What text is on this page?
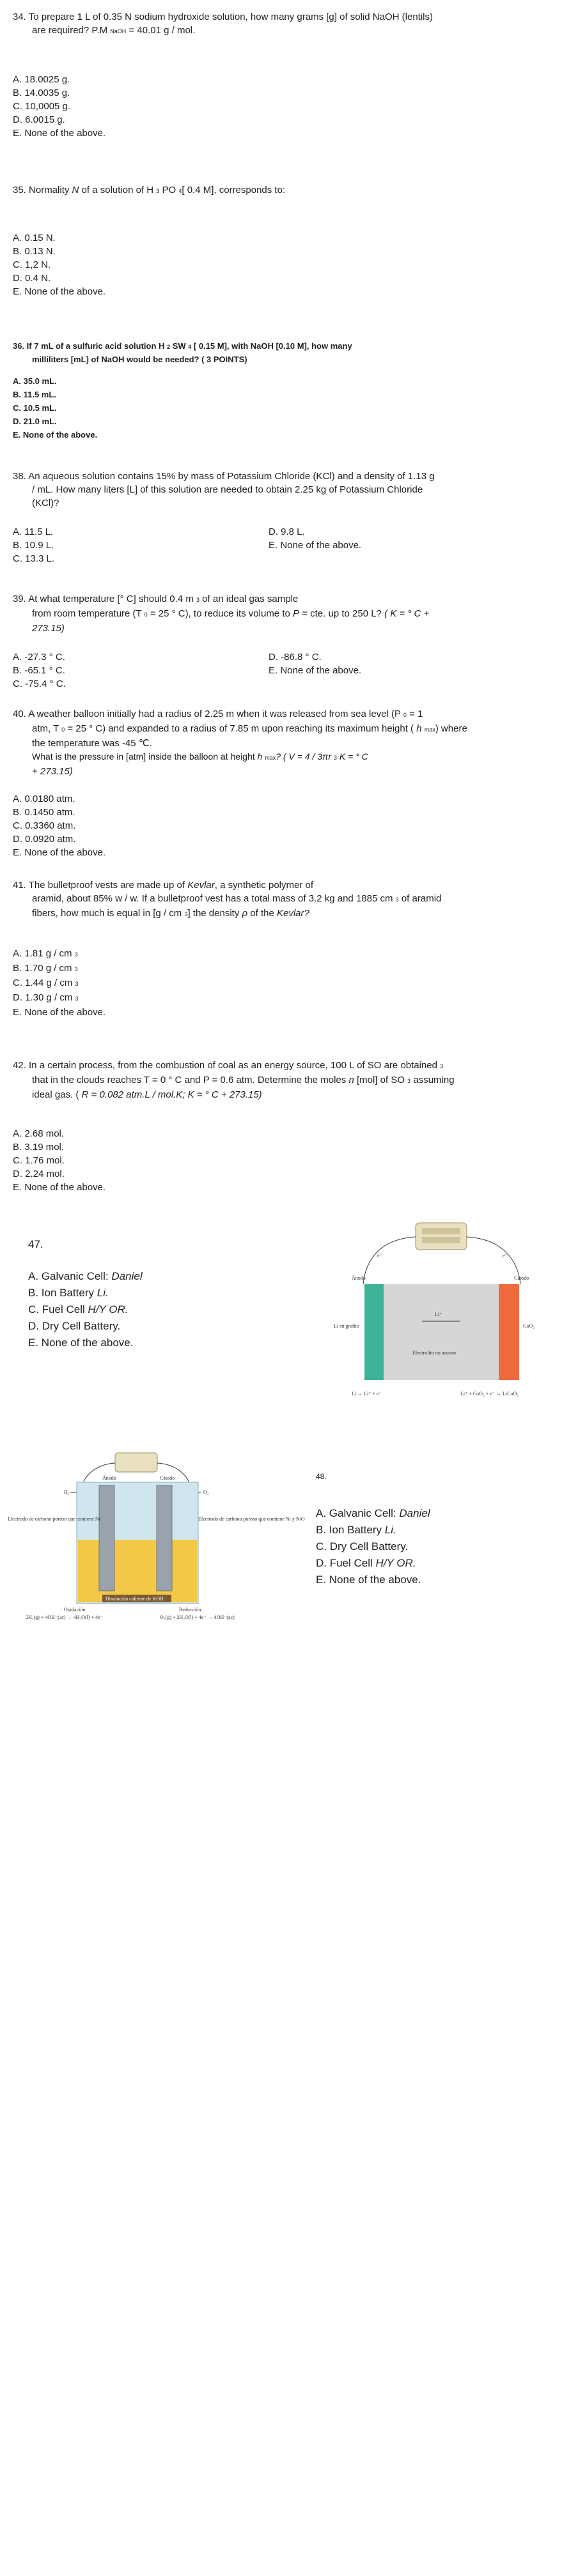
34. To prepare 1 L of 0.35 N sodium hydroxide solution, how many grams [g] of solid NaOH (lentils)
are required? P.M NaOH = 40.01 g / mol.
A. 18.0025 g.
B. 14.0035 g.
C. 10,0005 g.
D. 6.0015 g.
E. None of the above.
35. Normality N of a solution of H 3 PO 4[ 0.4 M], corresponds to:
A. 0.15 N.
B. 0.13 N.
C. 1,2 N.
D. 0.4 N.
E. None of the above.
36. If 7 mL of a sulfuric acid solution H 2 SW 4 [ 0.15 M], with NaOH [0.10 M], how many
milliliters [mL] of NaOH would be needed? ( 3 POINTS)
A. 35.0 mL.
B. 11.5 mL.
C. 10.5 mL.
D. 21.0 mL.
E. None of the above.
38. An aqueous solution contains 15% by mass of Potassium Chloride (KCl) and a density of 1.13 g
/ mL. How many liters [L] of this solution are needed to obtain 2.25 kg of Potassium Chloride
(KCl)?
A. 11.5 L.
B. 10.9 L.
C. 13.3 L.
D. 9.8 L.
E. None of the above.
39. At what temperature [° C] should 0.4 m 3 of an ideal gas sample
from room temperature (T 0 = 25 ° C), to reduce its volume to P = cte. up to 250 L? ( K = ° C +
273.15)
A. -27.3 ° C.
B. -65.1 ° C.
C. -75.4 ° C.
D. -86.8 ° C.
E. None of the above.
40. A weather balloon initially had a radius of 2.25 m when it was released from sea level (P 0 = 1
atm, T 0 = 25 ° C) and expanded to a radius of 7.85 m upon reaching its maximum height ( h max) where
the temperature was -45 ℃.
What is the pressure in [atm] inside the balloon at height h max? ( V = 4 / 3πr 3 K = ° C
+ 273.15)
A. 0.0180 atm.
B. 0.1450 atm.
C. 0.3360 atm.
D. 0.0920 atm.
E. None of the above.
41. The bulletproof vests are made up of Kevlar, a synthetic polymer of
aramid, about 85% w / w. If a bulletproof vest has a total mass of 3.2 kg and 1885 cm 3 of aramid
fibers, how much is equal in [g / cm 3] the density ρ of the Kevlar?
A. 1.81 g / cm 3
B. 1.70 g / cm 3
C. 1.44 g / cm 3
D. 1.30 g / cm 3
E. None of the above.
42. In a certain process, from the combustion of coal as an energy source, 100 L of SO are obtained 3
that in the clouds reaches T = 0 ° C and P = 0.6 atm. Determine the moles n [mol] of SO 3 assuming
ideal gas. ( R = 0.082 atm.L / mol.K; K = ° C + 273.15)
A. 2.68 mol.
B. 3.19 mol.
C. 1.76 mol.
D. 2.24 mol.
E. None of the above.
47.
A. Galvanic Cell: Daniel
B. Ion Battery Li.
C. Fuel Cell H/Y OR.
D. Dry Cell Battery.
E. None of the above.
e⁻	e⁻
Ánodo	Cátodo
Li en grafito
Li⁺
Electrolito no acuoso
CoO₂
Li → Li⁺ + e⁻	Li⁺ + CoO₂ + e⁻ → LiCoO₂
Ánodo	Cátodo
H₂	O₂
Electrodo de carbono poroso que contiene Ni	Electrodo de carbono poroso que contiene Ni y NiO
Disolución caliente de KOH
Oxidación	Reducción
2H₂(g) + 4OH⁻(ac) → 4H₂O(l) + 4e⁻	O₂(g) + 2H₂O(l) + 4e⁻ → 4OH⁻(ac)
48.
A. Galvanic Cell: Daniel
B. Ion Battery Li.
C. Dry Cell Battery.
D. Fuel Cell H/Y OR.
E. None of the above.
